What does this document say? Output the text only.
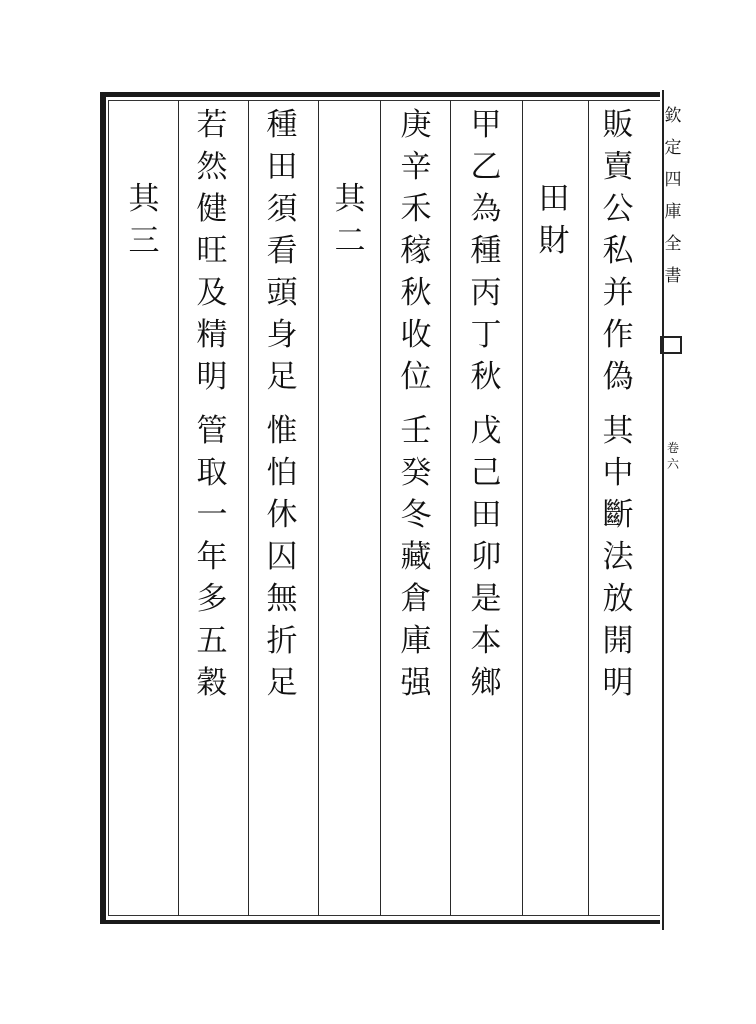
欽
定
四
庫
全
書
卷
六
販
賣
公
私
并
作
偽
其
中
斷
法
放
開
明
田
財
甲
乙
為
種
丙
丁
秋
戊
己
田
卯
是
本
鄉
庚
辛
禾
稼
秋
收
位
壬
癸
冬
藏
倉
庫
强
其
二
種
田
須
看
頭
身
足
惟
怕
休
囚
無
折
足
若
然
健
旺
及
精
明
管
取
一
年
多
五
穀
其
三
